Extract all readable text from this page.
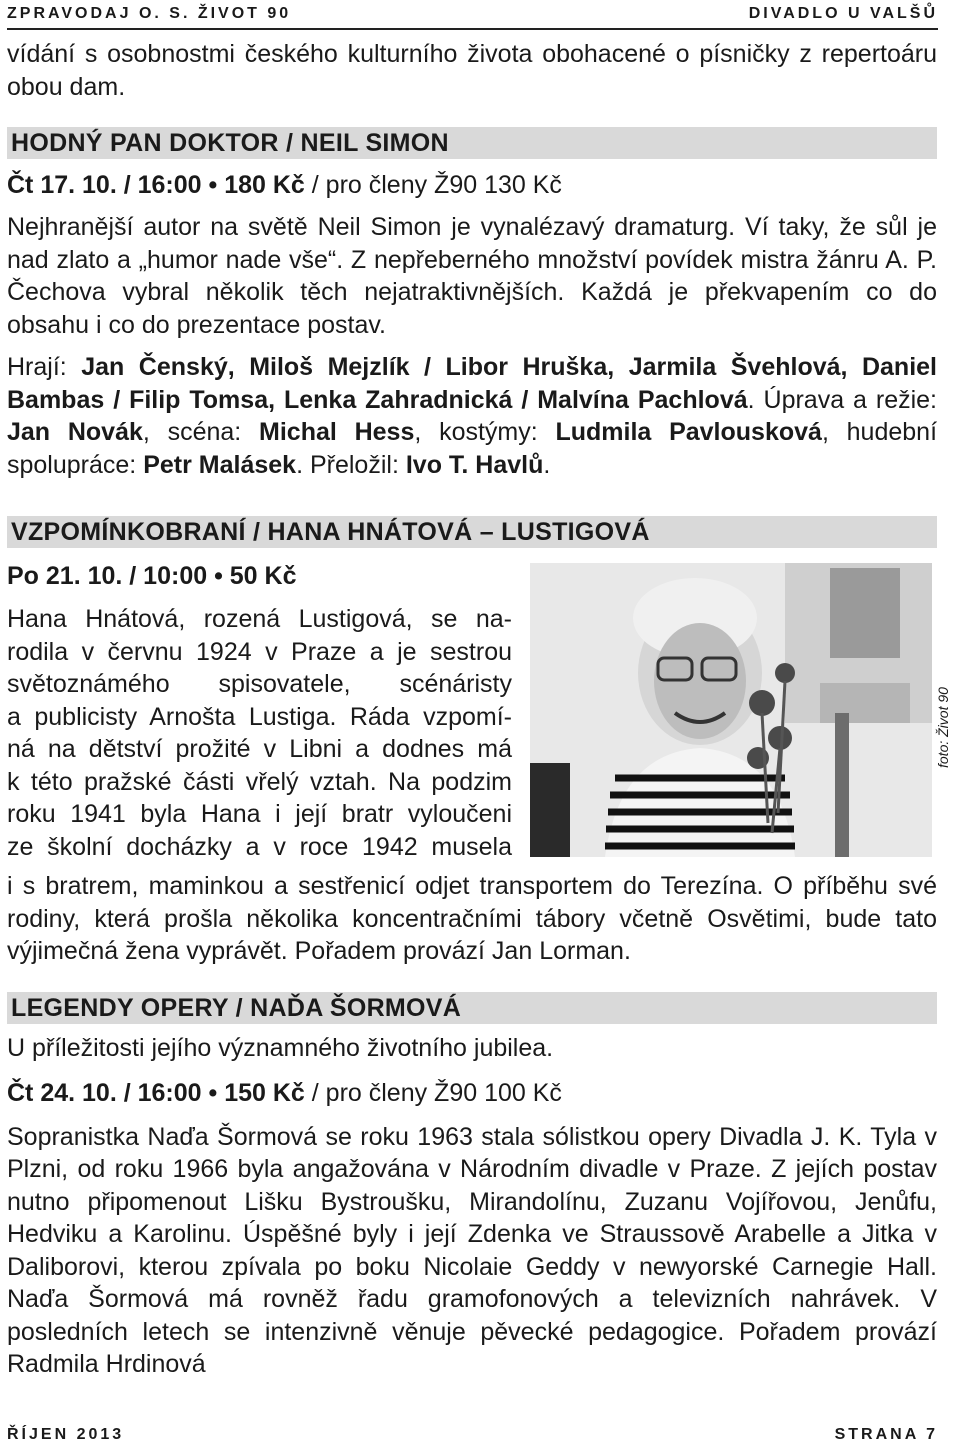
ZPRAVODAJ O. S. ŽIVOT 90	DIVADLO U VALŠŮ

vídání s osobnostmi českého kulturního života obohacené o písničky z repertoáru obou dam.

HODNÝ PAN DOKTOR / NEIL SIMON
Čt 17. 10. / 16:00 • 180 Kč / pro členy Ž90 130 Kč

Nejhranější autor na světě Neil Simon je vynalézavý dramaturg. Ví taky, že sůl je nad zlato a „humor nade vše“. Z nepřeberného množství povídek mistra žánru A. P. Čechova vybral několik těch nejatraktivnějších. Každá je překvapením co do obsahu i co do prezentace postav.

Hrají: Jan Čenský, Miloš Mejzlík / Libor Hruška, Jarmila Švehlová, Daniel Bambas / Filip Tomsa, Lenka Zahradnická / Malvína Pachlová. Úprava a režie: Jan Novák, scéna: Michal Hess, kostýmy: Ludmila Pavlousková, hudební spolupráce: Petr Malásek. Přeložil: Ivo T. Havlů.

VZPOMÍNKOBRANÍ / HANA HNÁTOVÁ – LUSTIGOVÁ
Po 21. 10. / 10:00 • 50 Kč

Hana Hnátová, rozená Lustigová, se na-

rodila v červnu 1924 v Praze a je sestrou

světoznámého spisovatele, scénáristy

a publicisty Arnošta Lustiga. Ráda vzpomí-

ná na dětství prožité v Libni a dodnes má

k této pražské části vřelý vztah. Na podzim

roku 1941 byla Hana i její bratr vyloučeni

ze školní docházky a v roce 1942 musela

foto: Život 90

i s bratrem, maminkou a sestřenicí odjet transportem do Terezína. O příběhu své rodiny, která prošla několika koncentračními tábory včetně Osvětimi, bude tato výjimečná žena vyprávět. Pořadem provází Jan Lorman.

LEGENDY OPERY / NAĎA ŠORMOVÁ

U příležitosti jejího významného životního jubilea.

Čt 24. 10. / 16:00 • 150 Kč / pro členy Ž90 100 Kč

Sopranistka Naďa Šormová se roku 1963 stala sólistkou opery Divadla J. K. Tyla v Plzni, od roku 1966 byla angažována v Národním divadle v Praze. Z jejích postav nutno připomenout Lišku Bystroušku, Mirandolínu, Zuzanu Vojířovou, Jenůfu, Hedviku a Karolinu. Úspěšné byly i její Zdenka ve Straussově Arabelle a Jitka v Daliborovi, kterou zpívala po boku Nicolaie Geddy v newyorské Carnegie Hall. Naďa Šormová má rovněž řadu gramofonových a televizních nahrávek. V posledních letech se intenzivně věnuje pěvecké pedagogice. Pořadem provází Radmila Hrdinová

ŘÍJEN 2013	STRANA 7
